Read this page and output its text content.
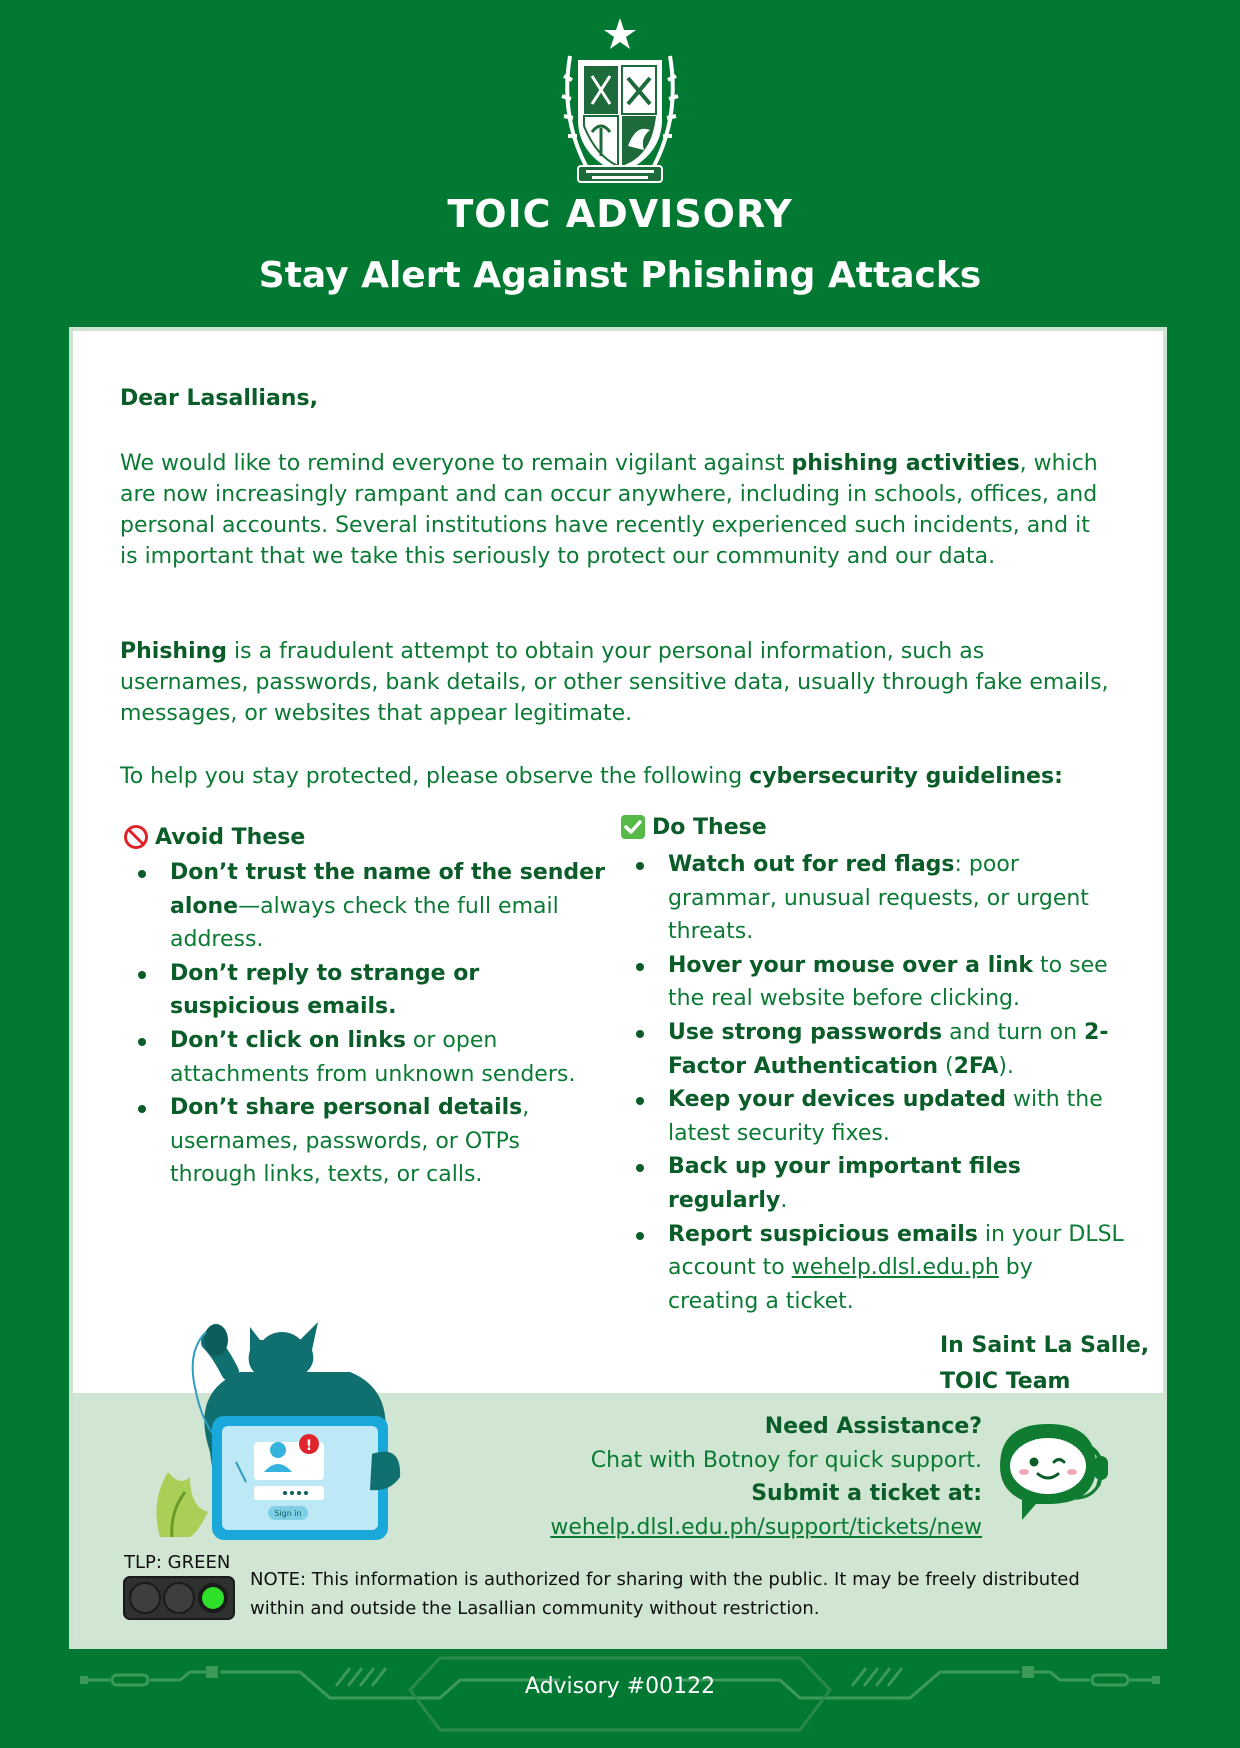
TOIC ADVISORY
Stay Alert Against Phishing Attacks
Dear Lasallians,

We would like to remind everyone to remain vigilant against phishing activities, which are now increasingly rampant and can occur anywhere, including in schools, offices, and personal accounts. Several institutions have recently experienced such incidents, and it is important that we take this seriously to protect our community and our data.

Phishing is a fraudulent attempt to obtain your personal information, such as usernames, passwords, bank details, or other sensitive data, usually through fake emails, messages, or websites that appear legitimate.

To help you stay protected, please observe the following cybersecurity guidelines:

Avoid These
Don’t trust the name of the sender alone—always check the full email address.
Don’t reply to strange or suspicious emails.
Don’t click on links or open attachments from unknown senders.
Don’t share personal details, usernames, passwords, or OTPs through links, texts, or calls.
Do These
Watch out for red flags: poor grammar, unusual requests, or urgent threats.
Hover your mouse over a link to see the real website before clicking.
Use strong passwords and turn on 2-Factor Authentication (2FA).
Keep your devices updated with the latest security fixes.
Back up your important files regularly.
Report suspicious emails in your DLSL account to wehelp.dlsl.edu.ph by creating a ticket.
In Saint La Salle,
TOIC Team
!
Sign in
Need Assistance?
Chat with Botnoy for quick support.
Submit a ticket at:
wehelp.dlsl.edu.ph/support/tickets/new
TLP: GREEN

NOTE: This information is authorized for sharing with the public. It may be freely distributed within and outside the Lasallian community without restriction.

Advisory #00122
